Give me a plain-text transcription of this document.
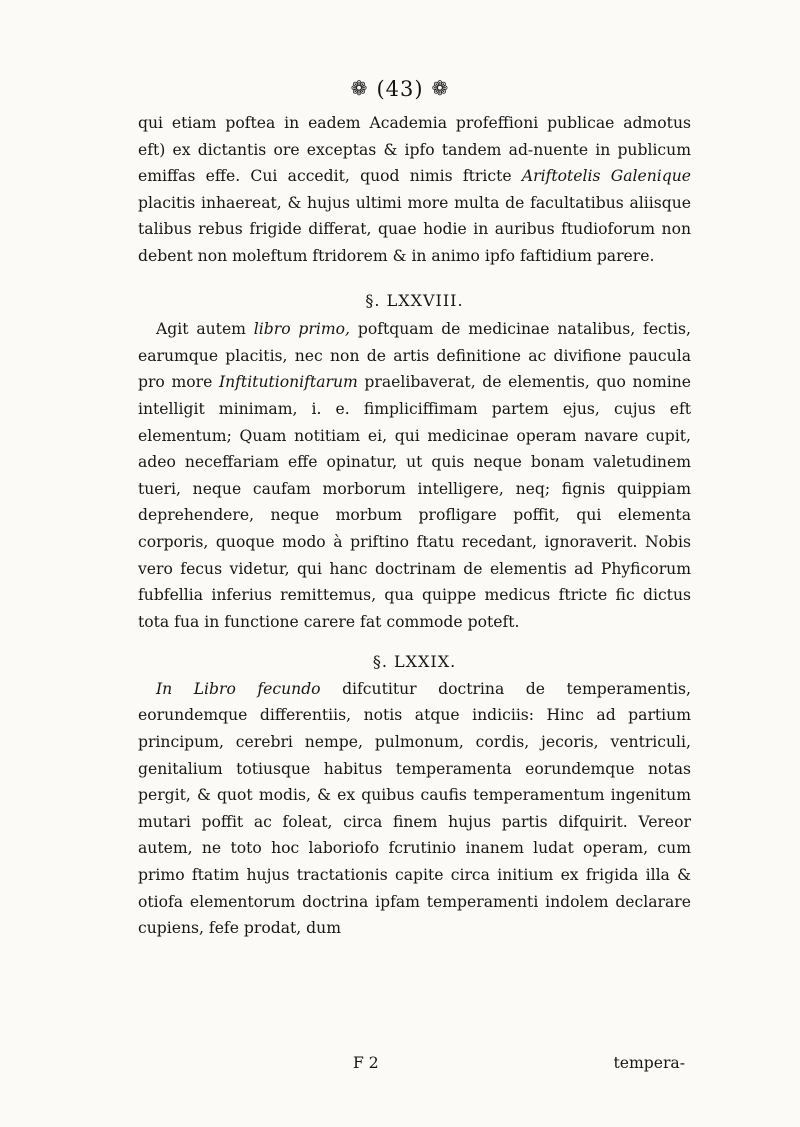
❁ (43) ❁

qui etiam poftea in eadem Academia profeffioni publicae admotus eft) ex dictantis ore exceptas & ipfo tandem ad-nuente in publicum emiffas effe. Cui accedit, quod nimis ftricte Ariftotelis Galenique placitis inhaereat, & hujus ultimi more multa de facultatibus aliisque talibus rebus frigide differat, quae hodie in auribus ftudioforum non debent non moleftum ftridorem & in animo ipfo faftidium parere.

§. LXXVIII.

Agit autem libro primo, poftquam de medicinae natalibus, fectis, earumque placitis, nec non de artis definitione ac divifione paucula pro more Inftitutioniftarum praelibaverat, de elementis, quo nomine intelligit minimam, i. e. fimpliciffimam partem ejus, cujus eft elementum; Quam notitiam ei, qui medicinae operam navare cupit, adeo neceffariam effe opinatur, ut quis neque bonam valetudinem tueri, neque caufam morborum intelligere, neq; fignis quippiam deprehendere, neque morbum profligare poffit, qui elementa corporis, quoque modo à priftino ftatu recedant, ignoraverit. Nobis vero fecus videtur, qui hanc doctrinam de elementis ad Phyficorum fubfellia inferius remittemus, qua quippe medicus ftricte fic dictus tota fua in functione carere fat commode poteft.

§. LXXIX.

In Libro fecundo difcutitur doctrina de temperamentis, eorundemque differentiis, notis atque indiciis: Hinc ad partium principum, cerebri nempe, pulmonum, cordis, jecoris, ventriculi, genitalium totiusque habitus temperamenta eorundemque notas pergit, & quot modis, & ex quibus caufis temperamentum ingenitum mutari poffit ac foleat, circa finem hujus partis difquirit. Vereor autem, ne toto hoc laboriofo fcrutinio inanem ludat operam, cum primo ftatim hujus tractationis capite circa initium ex frigida illa & otiofa elementorum doctrina ipfam temperamenti indolem declarare cupiens, fefe prodat, dum

F 2	tempera-
